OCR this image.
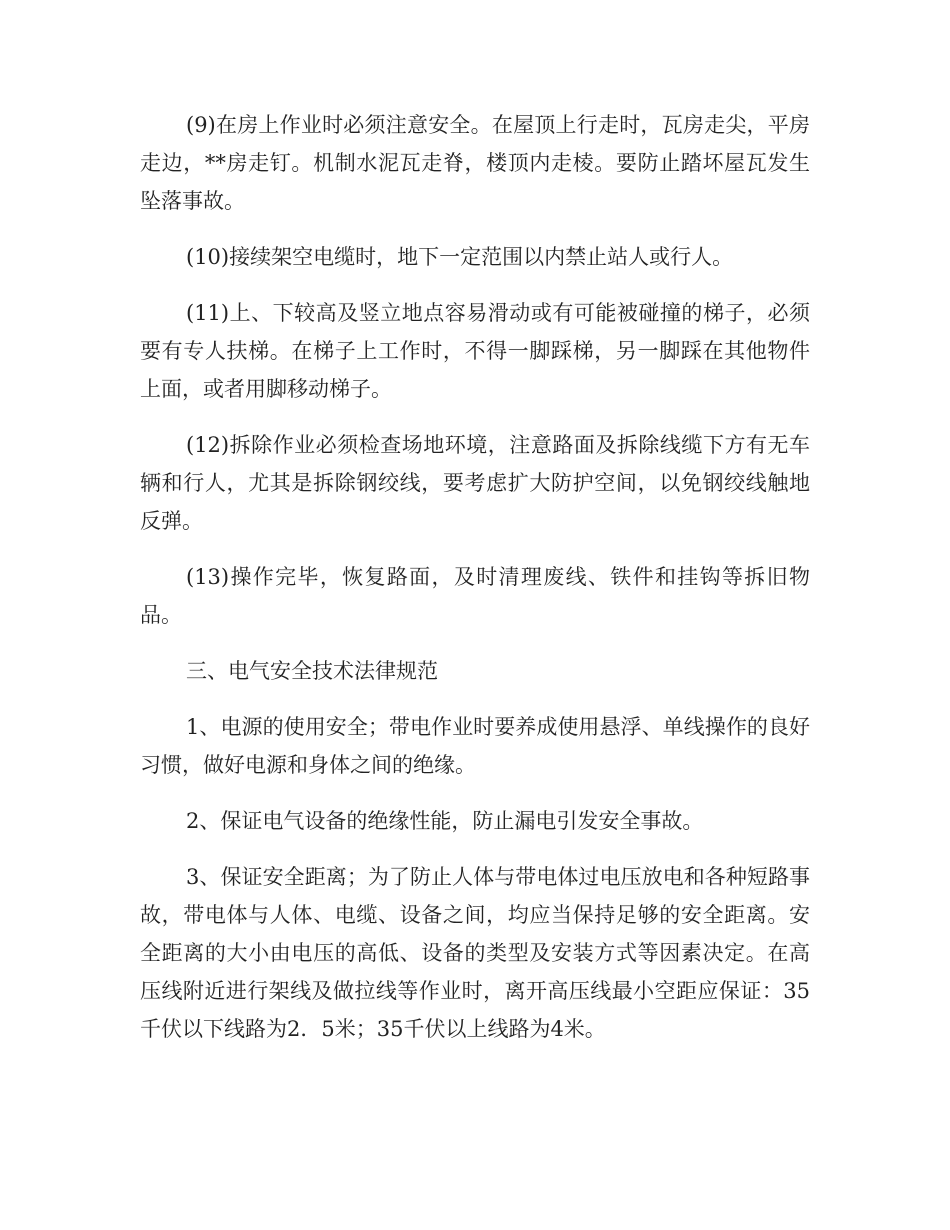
(9)在房上作业时必须注意安全。在屋顶上行走时，瓦房走尖，平房走边，**房走钉。机制水泥瓦走脊，楼顶内走棱。要防止踏坏屋瓦发生坠落事故。

(10)接续架空电缆时，地下一定范围以内禁止站人或行人。

(11)上、下较高及竖立地点容易滑动或有可能被碰撞的梯子，必须要有专人扶梯。在梯子上工作时，不得一脚踩梯，另一脚踩在其他物件上面，或者用脚移动梯子。

(12)拆除作业必须检查场地环境，注意路面及拆除线缆下方有无车辆和行人，尤其是拆除钢绞线，要考虑扩大防护空间，以免钢绞线触地反弹。

(13)操作完毕，恢复路面，及时清理废线、铁件和挂钩等拆旧物品。

三、电气安全技术法律规范

1、电源的使用安全；带电作业时要养成使用悬浮、单线操作的良好习惯，做好电源和身体之间的绝缘。

2、保证电气设备的绝缘性能，防止漏电引发安全事故。

3、保证安全距离；为了防止人体与带电体过电压放电和各种短路事故，带电体与人体、电缆、设备之间，均应当保持足够的安全距离。安全距离的大小由电压的高低、设备的类型及安装方式等因素决定。在高压线附近进行架线及做拉线等作业时，离开高压线最小空距应保证：35千伏以下线路为2．5米；35千伏以上线路为4米。
